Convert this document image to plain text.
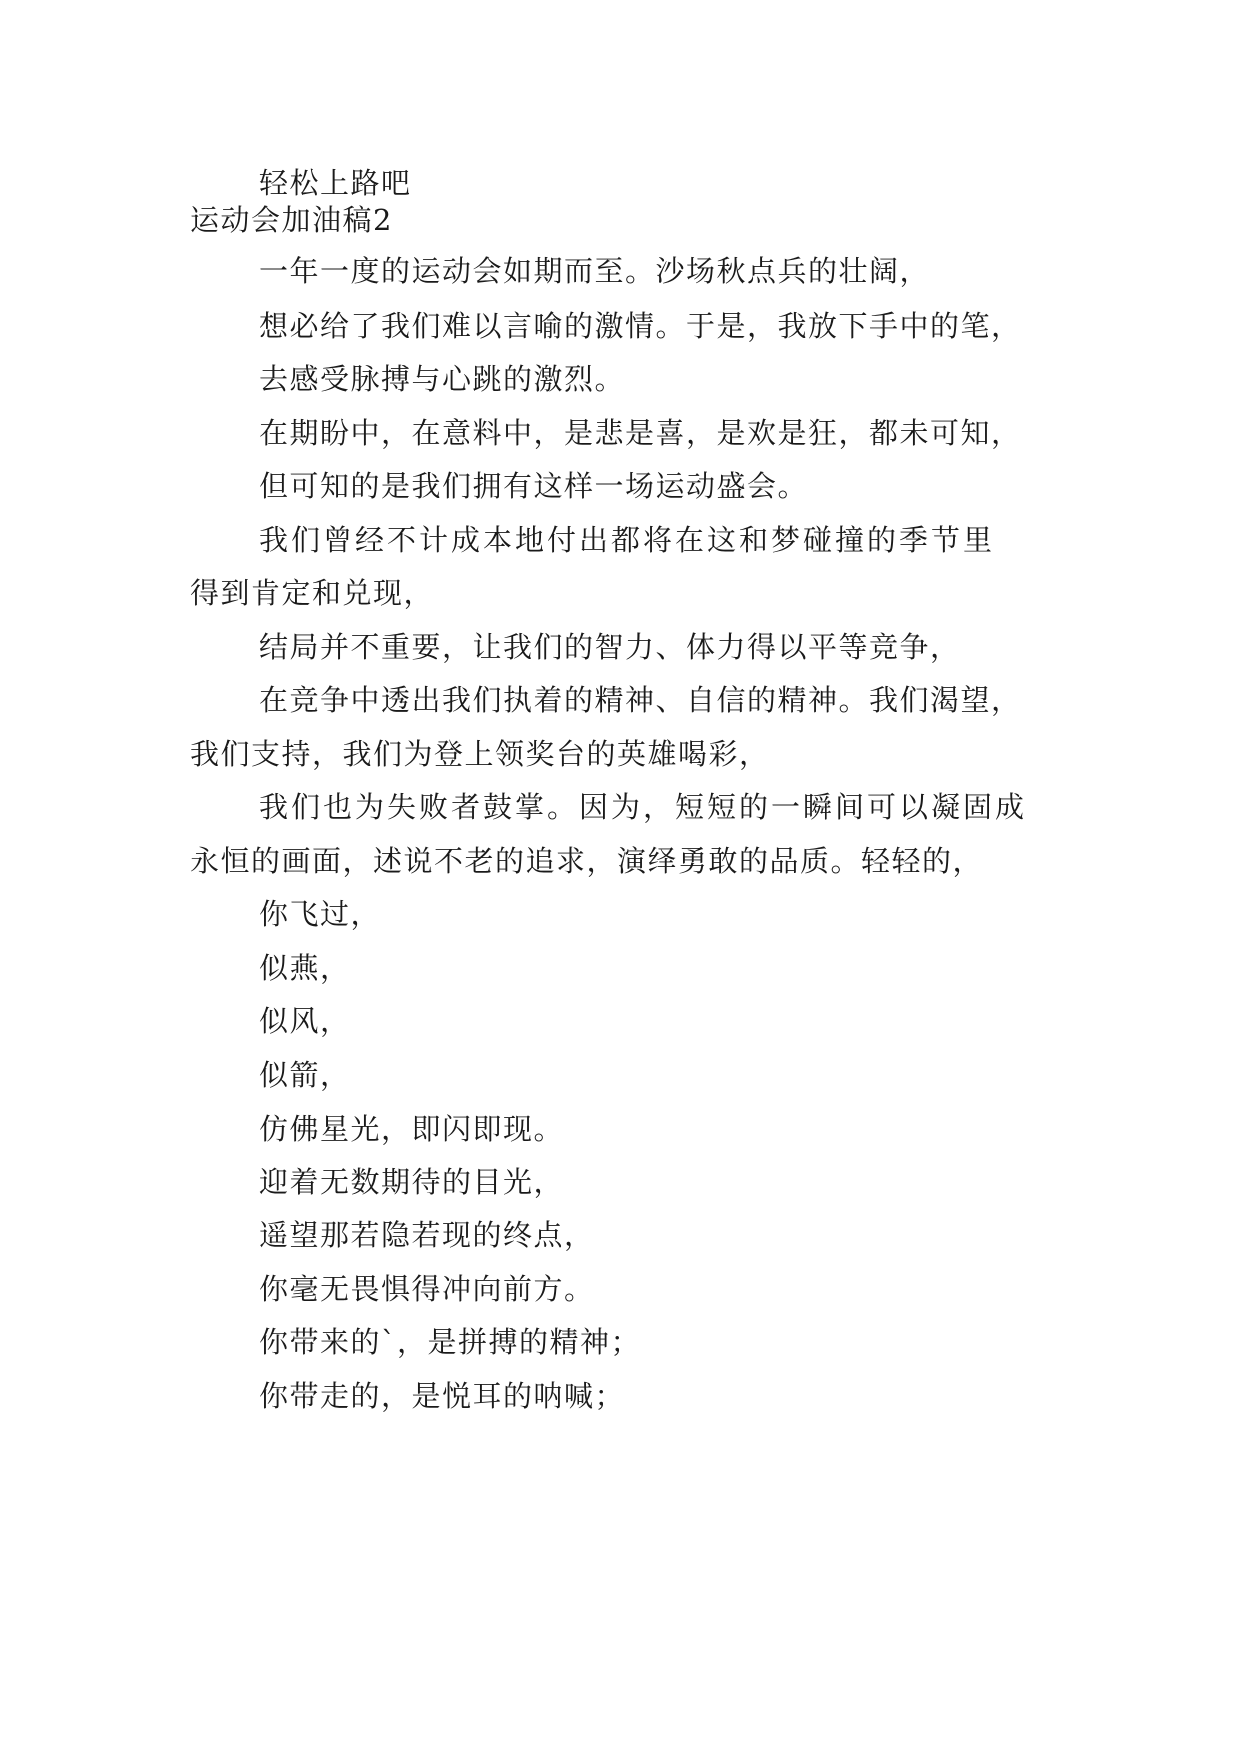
轻松上路吧
运动会加油稿2
一年一度的运动会如期而至。沙场秋点兵的壮阔，
想必给了我们难以言喻的激情。于是，我放下手中的笔，
去感受脉搏与心跳的激烈。
在期盼中，在意料中，是悲是喜，是欢是狂，都未可知，
但可知的是我们拥有这样一场运动盛会。
我们曾经不计成本地付出都将在这和梦碰撞的季节里
得到肯定和兑现，
结局并不重要，让我们的智力、体力得以平等竞争，
在竞争中透出我们执着的精神、自信的精神。我们渴望，
我们支持，我们为登上领奖台的英雄喝彩，
我们也为失败者鼓掌。因为，短短的一瞬间可以凝固成
永恒的画面，述说不老的追求，演绎勇敢的品质。轻轻的，
你飞过，
似燕，
似风，
似箭，
仿佛星光，即闪即现。
迎着无数期待的目光，
遥望那若隐若现的终点，
你毫无畏惧得冲向前方。
你带来的`，是拼搏的精神；
你带走的，是悦耳的呐喊；
